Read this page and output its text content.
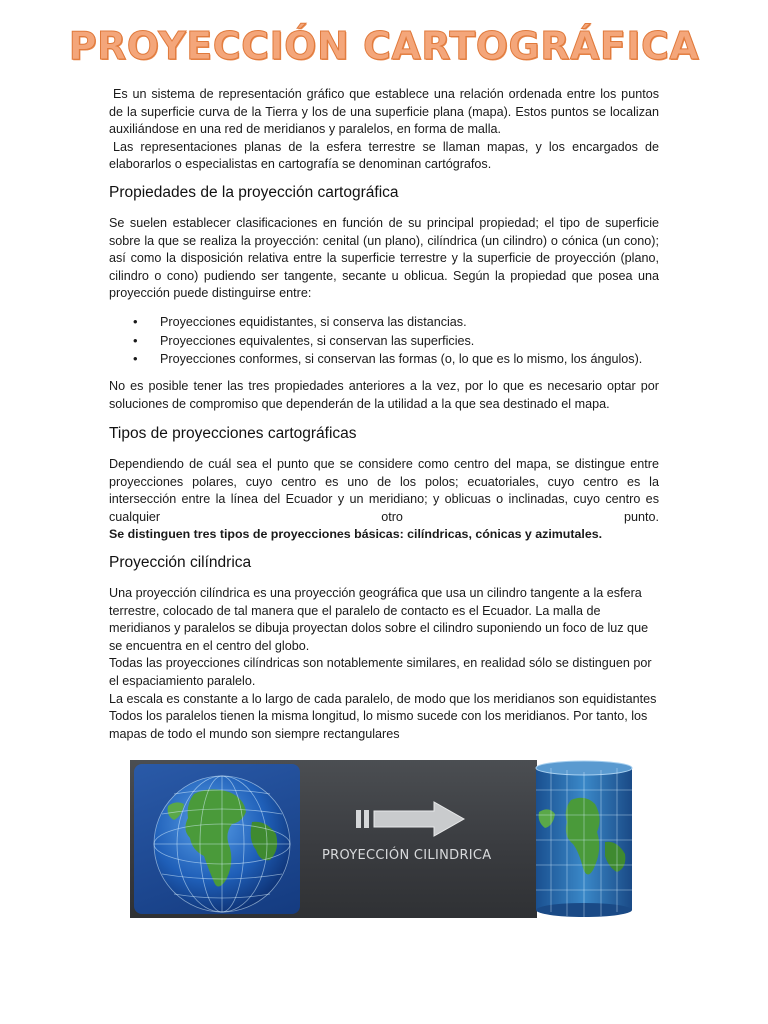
PROYECCIÓN CARTOGRÁFICA

Es un sistema de representación gráfico que establece una relación ordenada entre los puntos de la superficie curva de la Tierra y los de una superficie plana (mapa). Estos puntos se localizan auxiliándose en una red de meridianos y paralelos, en forma de malla.

Las representaciones planas de la esfera terrestre se llaman mapas, y los encargados de elaborarlos o especialistas en cartografía se denominan cartógrafos.

Propiedades de la proyección cartográfica

Se suelen establecer clasificaciones en función de su principal propiedad; el tipo de superficie sobre la que se realiza la proyección: cenital (un plano), cilíndrica (un cilindro) o cónica (un cono); así como la disposición relativa entre la superficie terrestre y la superficie de proyección (plano, cilindro o cono) pudiendo ser tangente, secante u oblicua. Según la propiedad que posea una proyección puede distinguirse entre:

• Proyecciones equidistantes, si conserva las distancias.
• Proyecciones equivalentes, si conservan las superficies.
• Proyecciones conformes, si conservan las formas (o, lo que es lo mismo, los ángulos).

No es posible tener las tres propiedades anteriores a la vez, por lo que es necesario optar por soluciones de compromiso que dependerán de la utilidad a la que sea destinado el mapa.

Tipos de proyecciones cartográficas

Dependiendo de cuál sea el punto que se considere como centro del mapa, se distingue entre proyecciones polares, cuyo centro es uno de los polos; ecuatoriales, cuyo centro es la intersección entre la línea del Ecuador y un meridiano; y oblicuas o inclinadas, cuyo centro es cualquier otro punto.

Se distinguen tres tipos de proyecciones básicas: cilíndricas, cónicas y azimutales.

Proyección cilíndrica

Una proyección cilíndrica es una proyección geográfica que usa un cilindro tangente a la esfera terrestre, colocado de tal manera que el paralelo de contacto es el Ecuador. La malla de meridianos y paralelos se dibuja proyectan dolos sobre el cilindro suponiendo un foco de luz que se encuentra en el centro del globo.

Todas las proyecciones cilíndricas son notablemente similares, en realidad sólo se distinguen por el espaciamiento paralelo.

La escala es constante a lo largo de cada paralelo, de modo que los meridianos son equidistantes Todos los paralelos tienen la misma longitud, lo mismo sucede con los meridianos. Por tanto, los mapas de todo el mundo son siempre rectangulares

PROYECCIÓN CILINDRICA
